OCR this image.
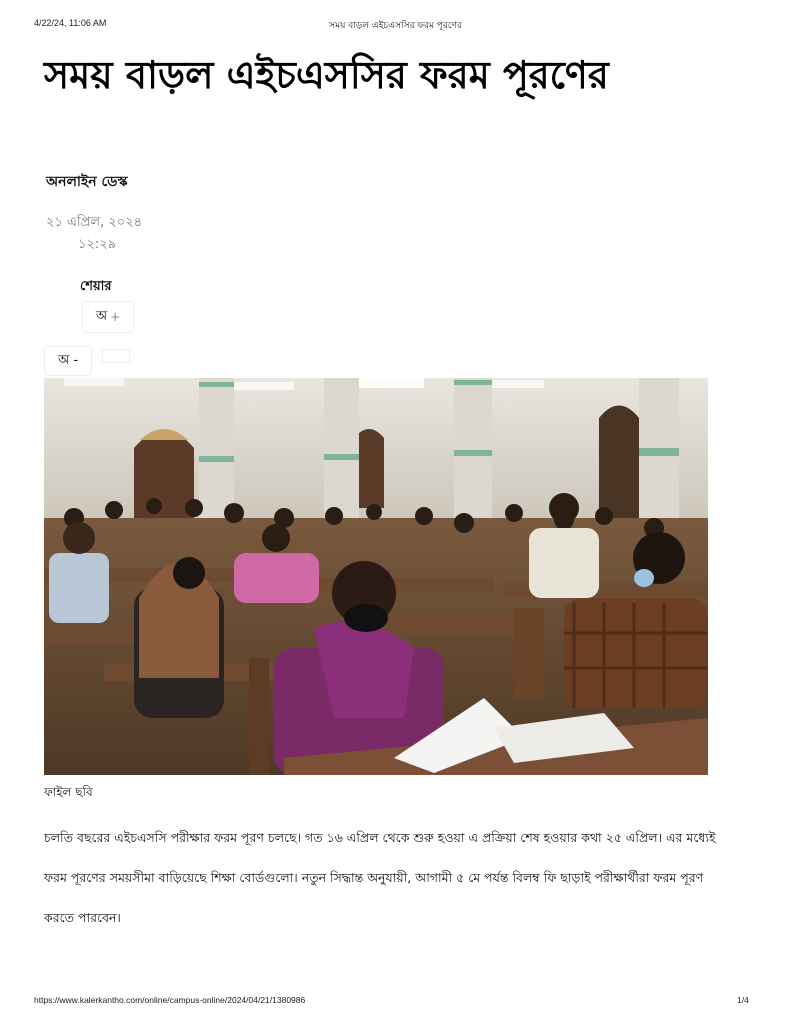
4/22/24, 11:06 AM	সময় বাড়ল এইচএসসির ফরম পূরণের
সময় বাড়ল এইচএসসির ফরম পূরণের
অনলাইন ডেস্ক
২১ এপ্রিল, ২০২৪
১২:২৯
শেয়ার
অ +
অ -
ফাইল ছবি

চলতি বছরের এইচএসসি পরীক্ষার ফরম পূরণ চলছে। গত ১৬ এপ্রিল থেকে শুরু হওয়া এ প্রক্রিয়া শেষ হওয়ার কথা ২৫ এপ্রিল। এর মধ্যেই ফরম পূরণের সময়সীমা বাড়িয়েছে শিক্ষা বোর্ডগুলো। নতুন সিদ্ধান্ত অনুযায়ী, আগামী ৫ মে পর্যন্ত বিলম্ব ফি ছাড়াই পরীক্ষার্থীরা ফরম পূরণ করতে পারবেন।

https://www.kalerkantho.com/online/campus-online/2024/04/21/1380986	1/4
